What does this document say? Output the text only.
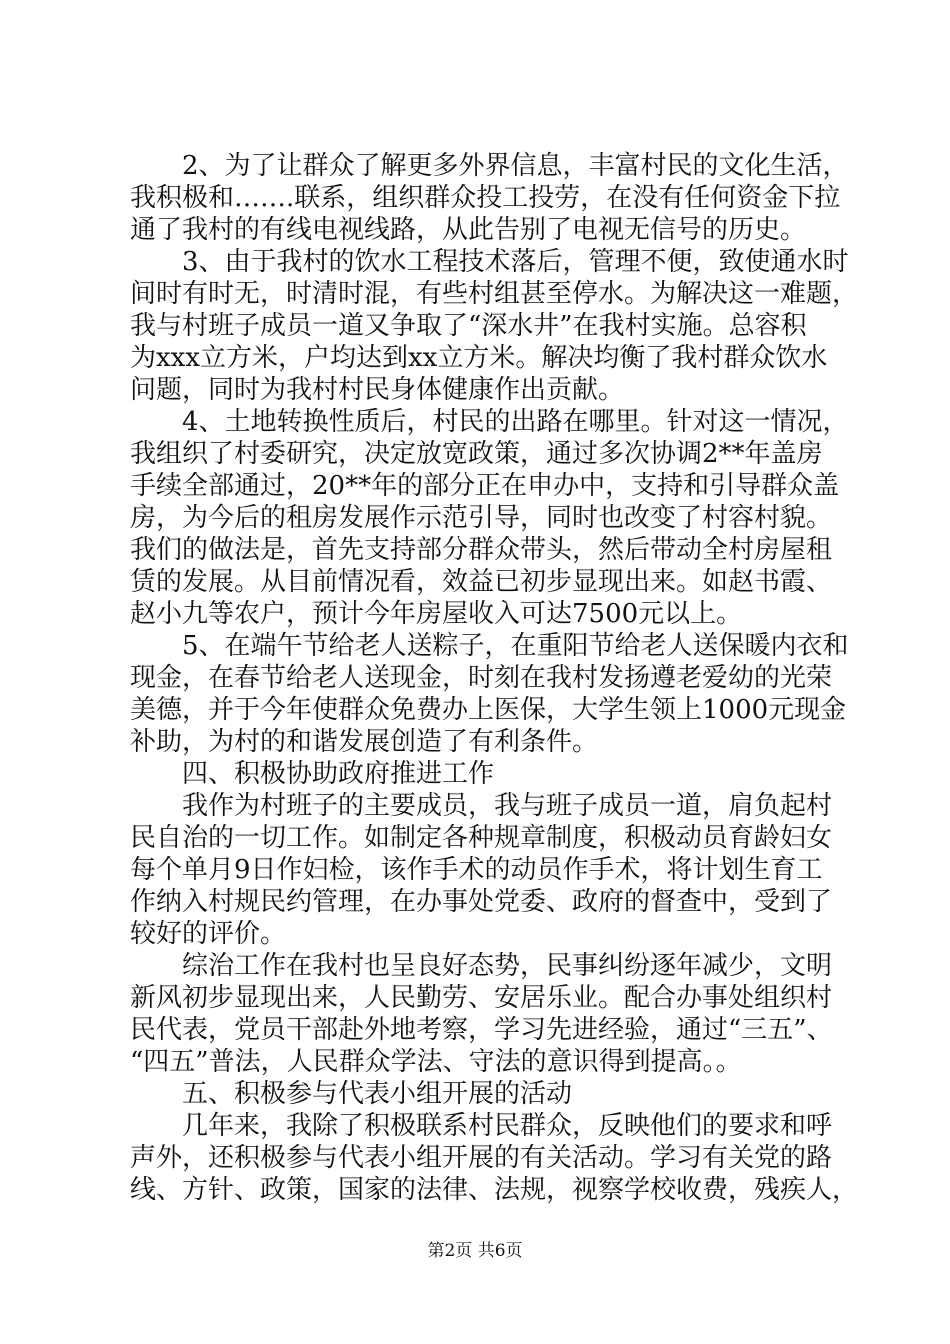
2、为了让群众了解更多外界信息，丰富村民的文化生活，
我积极和…….联系，组织群众投工投劳，在没有任何资金下拉
通了我村的有线电视线路，从此告别了电视无信号的历史。
3、由于我村的饮水工程技术落后，管理不便，致使通水时
间时有时无，时清时混，有些村组甚至停水。为解决这一难题，
我与村班子成员一道又争取了“深水井”在我村实施。总容积
为xxx立方米，户均达到xx立方米。解决均衡了我村群众饮水
问题，同时为我村村民身体健康作出贡献。
4、土地转换性质后，村民的出路在哪里。针对这一情况，
我组织了村委研究，决定放宽政策，通过多次协调2**年盖房
手续全部通过，20**年的部分正在申办中，支持和引导群众盖
房，为今后的租房发展作示范引导，同时也改变了村容村貌。
我们的做法是，首先支持部分群众带头，然后带动全村房屋租
赁的发展。从目前情况看，效益已初步显现出来。如赵书霞、
赵小九等农户，预计今年房屋收入可达7500元以上。
5、在端午节给老人送粽子，在重阳节给老人送保暖内衣和
现金，在春节给老人送现金，时刻在我村发扬遵老爱幼的光荣
美德，并于今年使群众免费办上医保，大学生领上1000元现金
补助，为村的和谐发展创造了有利条件。
四、积极协助政府推进工作
我作为村班子的主要成员，我与班子成员一道，肩负起村
民自治的一切工作。如制定各种规章制度，积极动员育龄妇女
每个单月9日作妇检，该作手术的动员作手术，将计划生育工
作纳入村规民约管理，在办事处党委、政府的督查中，受到了
较好的评价。
综治工作在我村也呈良好态势，民事纠纷逐年减少，文明
新风初步显现出来，人民勤劳、安居乐业。配合办事处组织村
民代表，党员干部赴外地考察，学习先进经验，通过“三五”、
“四五”普法，人民群众学法、守法的意识得到提高。。
五、积极参与代表小组开展的活动
几年来，我除了积极联系村民群众，反映他们的要求和呼
声外，还积极参与代表小组开展的有关活动。学习有关党的路
线、方针、政策，国家的法律、法规，视察学校收费，残疾人，
第2页 共6页
